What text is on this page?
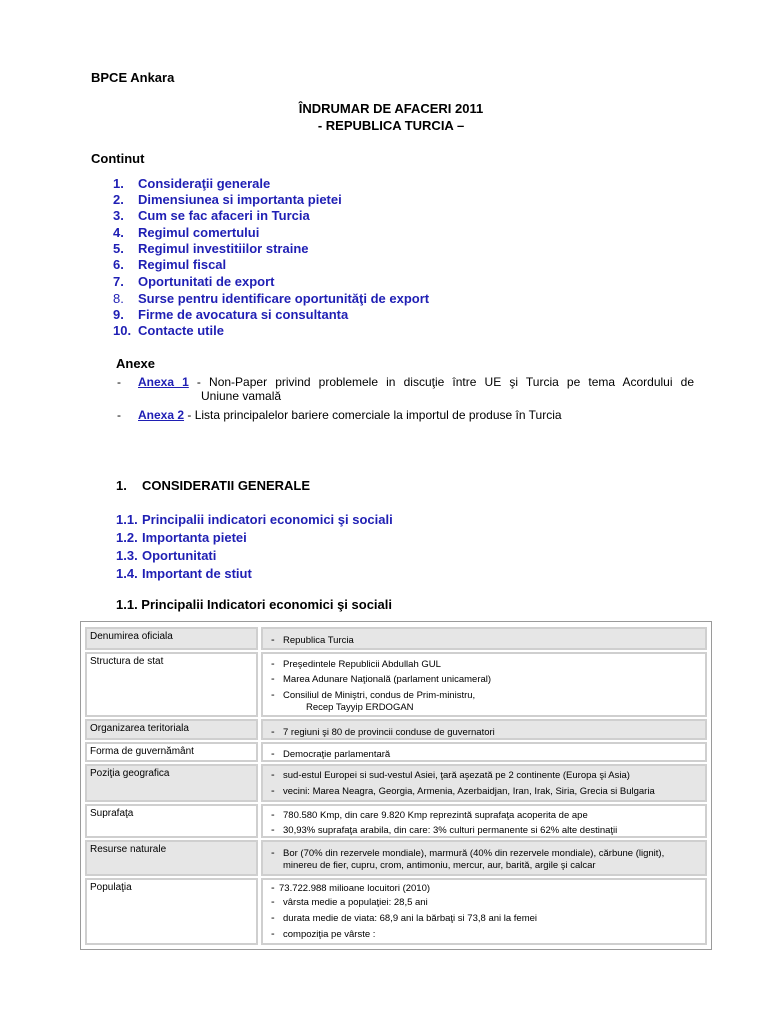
BPCE Ankara
ÎNDRUMAR DE AFACERI 2011
- REPUBLICA TURCIA –
Continut
1. Consideraţii generale
2. Dimensiunea si importanta pietei
3. Cum se fac afaceri in Turcia
4. Regimul comertului
5. Regimul investitiilor straine
6. Regimul fiscal
7. Oportunitati de export
8. Surse pentru identificare oportunităţi de export
9. Firme de avocatura si consultanta
10. Contacte utile
Anexe
- Anexa 1 - Non-Paper privind problemele in discuţie între UE şi Turcia pe tema Acordului de
Uniune vamală
- Anexa 2 - Lista principalelor bariere comerciale la importul de produse în Turcia
1. CONSIDERATII GENERALE
1.1. Principalii indicatori economici şi sociali
1.2. Importanta pietei
1.3. Oportunitati
1.4. Important de stiut
1.1. Principalii Indicatori economici şi sociali
Denumirea oficiala	- Republica Turcia
Structura de stat	- Preşedintele Republicii Abdullah GUL
- Marea Adunare Naţională (parlament unicameral)
- Consiliul de Miniştri, condus de Prim-ministru,
Recep Tayyip ERDOGAN
Organizarea teritoriala	- 7 regiuni şi 80 de provincii conduse de guvernatori
Forma de guvernământ	- Democraţie parlamentară
Poziţia geografica	- sud-estul Europei si sud-vestul Asiei, ţară aşezată pe 2 continente (Europa şi Asia)
- vecini: Marea Neagra, Georgia, Armenia, Azerbaidjan, Iran, Irak, Siria, Grecia si Bulgaria
Suprafaţa	- 780.580 Kmp, din care 9.820 Kmp reprezintă suprafaţa acoperita de ape
- 30,93% suprafaţa arabila, din care: 3% culturi permanente si 62% alte destinaţii
Resurse naturale	- Bor (70% din rezervele mondiale), marmură (40% din rezervele mondiale), cărbune (lignit),
minereu de fier, cupru, crom, antimoniu, mercur, aur, barită, argile şi calcar
Populaţia	- 73.722.988 milioane locuitori (2010)
- vârsta medie a populaţiei: 28,5 ani
- durata medie de viata: 68,9 ani la bărbaţi si 73,8 ani la femei
- compoziţia pe vârste :
